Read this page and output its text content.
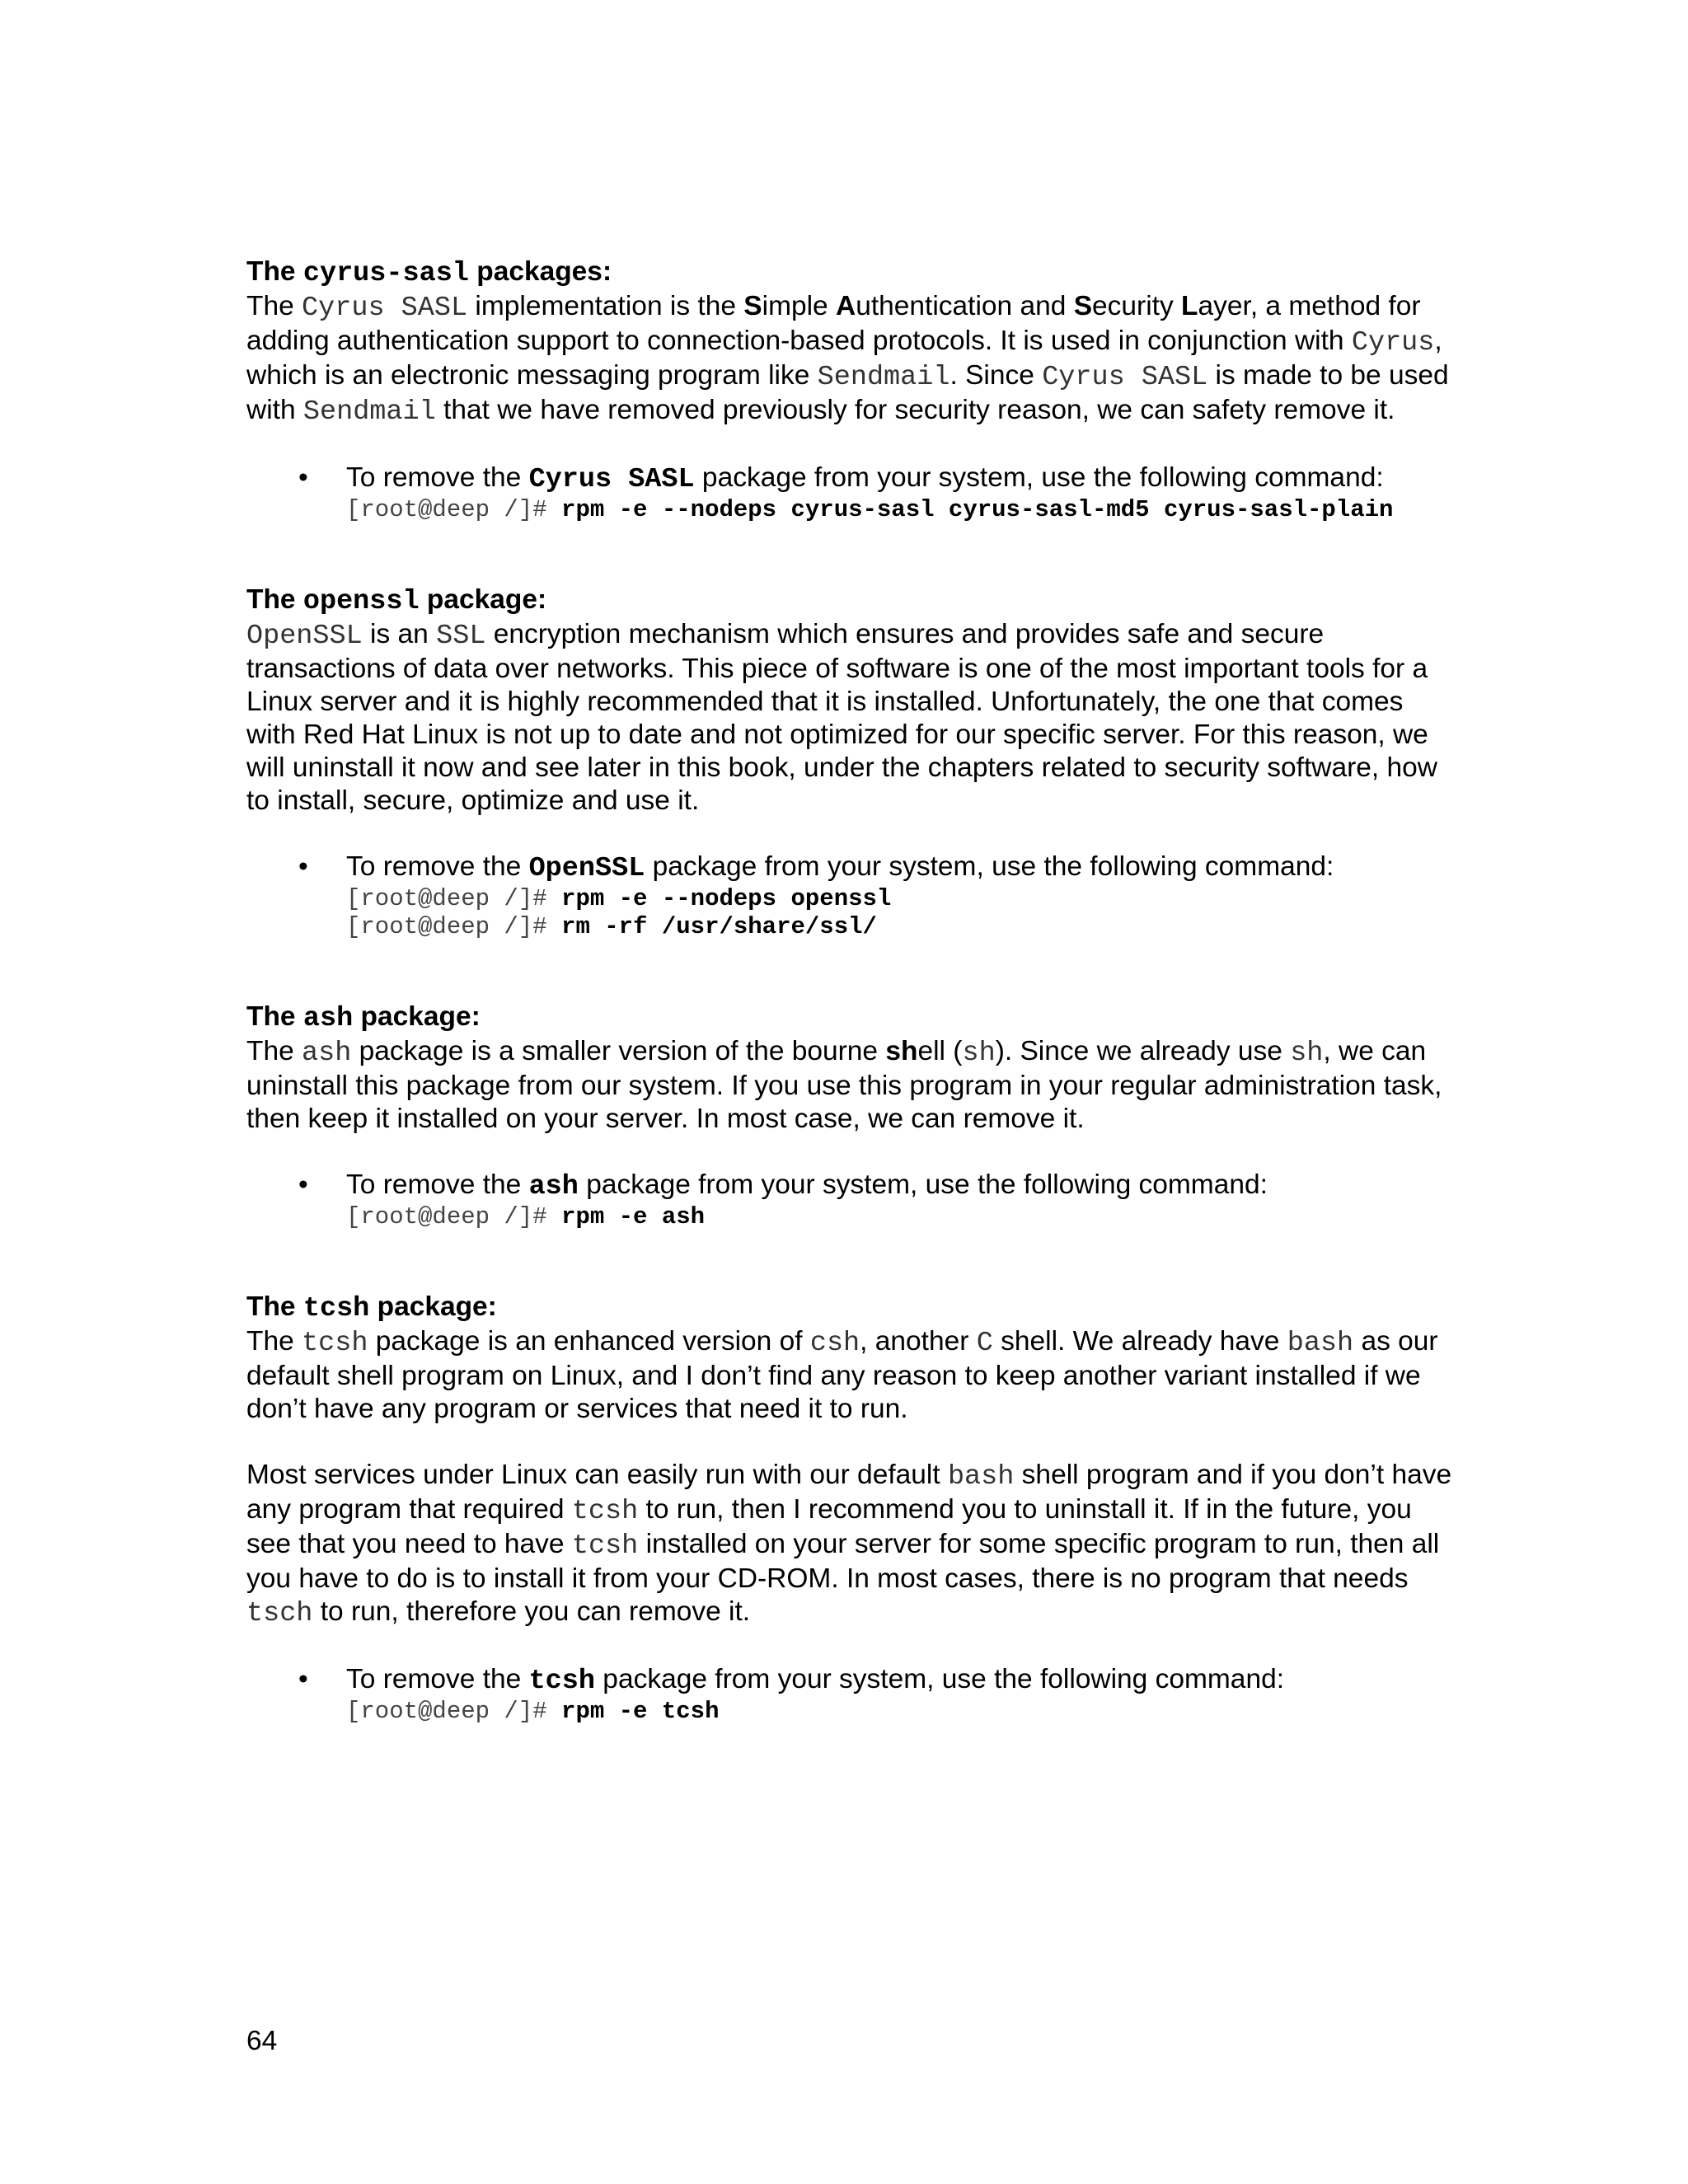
The cyrus-sasl packages:

The Cyrus SASL implementation is the Simple Authentication and Security Layer, a method for adding authentication support to connection-based protocols. It is used in conjunction with Cyrus, which is an electronic messaging program like Sendmail. Since Cyrus SASL is made to be used with Sendmail that we have removed previously for security reason, we can safety remove it.

• To remove the Cyrus SASL package from your system, use the following command:

[root@deep /]# rpm -e --nodeps cyrus-sasl cyrus-sasl-md5 cyrus-sasl-plain

The openssl package:

OpenSSL is an SSL encryption mechanism which ensures and provides safe and secure transactions of data over networks. This piece of software is one of the most important tools for a Linux server and it is highly recommended that it is installed. Unfortunately, the one that comes with Red Hat Linux is not up to date and not optimized for our specific server. For this reason, we will uninstall it now and see later in this book, under the chapters related to security software, how to install, secure, optimize and use it.

• To remove the OpenSSL package from your system, use the following command:

[root@deep /]# rpm -e --nodeps openssl
[root@deep /]# rm -rf /usr/share/ssl/

The ash package:

The ash package is a smaller version of the bourne shell (sh). Since we already use sh, we can uninstall this package from our system. If you use this program in your regular administration task, then keep it installed on your server. In most case, we can remove it.

• To remove the ash package from your system, use the following command:

[root@deep /]# rpm -e ash

The tcsh package:

The tcsh package is an enhanced version of csh, another C shell. We already have bash as our default shell program on Linux, and I don’t find any reason to keep another variant installed if we don’t have any program or services that need it to run.

Most services under Linux can easily run with our default bash shell program and if you don’t have any program that required tcsh to run, then I recommend you to uninstall it. If in the future, you see that you need to have tcsh installed on your server for some specific program to run, then all you have to do is to install it from your CD-ROM. In most cases, there is no program that needs tsch to run, therefore you can remove it.

• To remove the tcsh package from your system, use the following command:

[root@deep /]# rpm -e tcsh
64
